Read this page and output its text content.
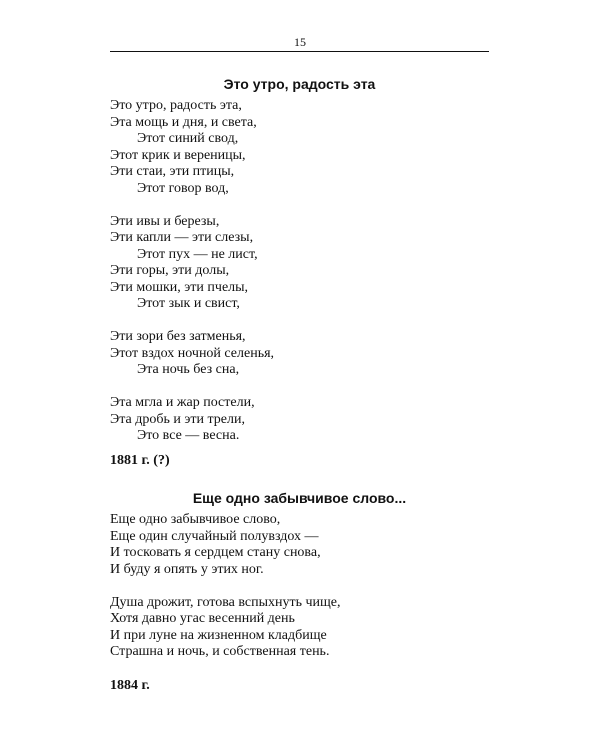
15
Это утро, радость эта
Это утро, радость эта,
Эта мощь и дня, и света,
Этот синий свод,
Этот крик и вереницы,
Эти стаи, эти птицы,
Этот говор вод,
Эти ивы и березы,
Эти капли — эти слезы,
Этот пух — не лист,
Эти горы, эти долы,
Эти мошки, эти пчелы,
Этот зык и свист,
Эти зори без затменья,
Этот вздох ночной селенья,
Эта ночь без сна,
Эта мгла и жар постели,
Эта дробь и эти трели,
Это все — весна.
1881 г. (?)
Еще одно забывчивое слово...
Еще одно забывчивое слово,
Еще один случайный полувздох —
И тосковать я сердцем стану снова,
И буду я опять у этих ног.
Душа дрожит, готова вспыхнуть чище,
Хотя давно угас весенний день
И при луне на жизненном кладбище
Страшна и ночь, и собственная тень.
1884 г.
